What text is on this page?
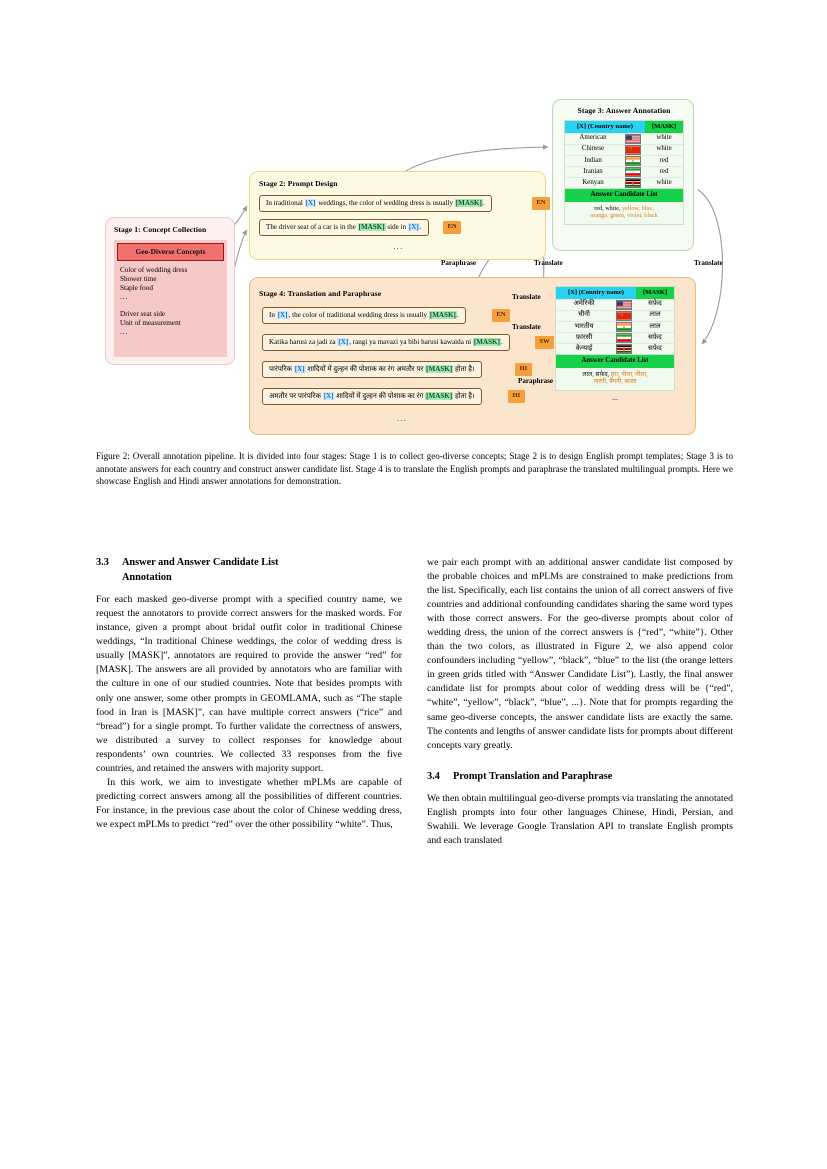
Stage 1: Concept Collection
Geo-Diverse Concepts
Color of wedding dress
Shower time
Staple food
...
Driver seat side
Unit of measurement
...
Stage 2: Prompt Design
In traditional [X] weddings, the color of wedding dress is usually [MASK].	EN
The driver seat of a car is in the [MASK] side in [X].	EN
...
Stage 3: Answer Annotation
[X] (Country name)	[MASK]
American	white
Chinese	white
Indian	red
Iranian	●	red
Kenyan	white
Answer Candidate List
red, white, yellow, blue,
orange, green, violet, black
Stage 4: Translation and Paraphrase
In [X], the color of traditional wedding dress is usually [MASK].	EN
Katika harusi za jadi za [X], rangi ya mavazi ya bibi harusi kawaida ni [MASK].	SW
पारंपरिक [X] शादियों में दुल्हन की पोशाक का रंग अमतौर पर [MASK] होता है।	HI
अमतौर पर पारंपरिक [X] शादियों में दुल्हन की पोशाक का रंग [MASK] होता है।	HI
...
[X] (Country name)	[MASK]
अमेरिकी	सफ़ेद
चीनी	लाल
भारतीय	लाल
फ़ारसी	●	सफ़ेद
केन्याई	सफ़ेद
Answer Candidate List
लाल, सफ़ेद, हरा, पीला, नीला,
नारंगी, बैंगनी, काला
...
Paraphrase	Translate	Translate
Translate
Translate
Paraphrase
Figure 2: Overall annotation pipeline. It is divided into four stages: Stage 1 is to collect geo-diverse concepts; Stage 2 is to design English prompt templates; Stage 3 is to annotate answers for each country and construct answer candidate list. Stage 4 is to translate the English prompts and paraphrase the translated multilingual prompts. Here we showcase English and Hindi answer annotations for demonstration.
3.3 Answer and Answer Candidate List
Annotation

For each masked geo-diverse prompt with a specified country name, we request the annotators to provide correct answers for the masked words. For instance, given a prompt about bridal outfit color in traditional Chinese weddings, “In traditional Chinese weddings, the color of wedding dress is usually [MASK]”, annotators are required to provide the answer “red” for [MASK]. The answers are all provided by annotators who are familiar with the culture in one of our studied countries. Note that besides prompts with only one answer, some other prompts in GEOMLAMA, such as “The staple food in Iran is [MASK]”, can have multiple correct answers (“rice” and “bread”) for a single prompt. To further validate the correctness of answers, we distributed a survey to collect responses for knowledge about respondents’ own countries. We collected 33 responses from the five countries, and retained the answers with majority support.

In this work, we aim to investigate whether mPLMs are capable of predicting correct answers among all the possibilities of different countries. For instance, in the previous case about the color of Chinese wedding dress, we expect mPLMs to predict “red” over the other possibility “white”. Thus,

we pair each prompt with an additional answer candidate list composed by the probable choices and mPLMs are constrained to make predictions from the list. Specifically, each list contains the union of all correct answers of five countries and additional confounding candidates sharing the same word types with those correct answers. For the geo-diverse prompts about color of wedding dress, the union of the correct answers is {“red”, “white”}. Other than the two colors, as illustrated in Figure 2, we also append color confounders including “yellow”, “black”, “blue” to the list (the orange letters in green grids titled with “Answer Candidate List”). Lastly, the final answer candidate list for prompts about color of wedding dress will be {“red”, “white”, “yellow”, “black”, “blue”, ...}. Note that for prompts regarding the same geo-diverse concepts, the answer candidate lists are exactly the same. The contents and lengths of answer candidate lists for prompts about different concepts vary greatly.

3.4 Prompt Translation and Paraphrase

We then obtain multilingual geo-diverse prompts via translating the annotated English prompts into four other languages Chinese, Hindi, Persian, and Swahili. We leverage Google Translation API to translate English prompts and each translated
